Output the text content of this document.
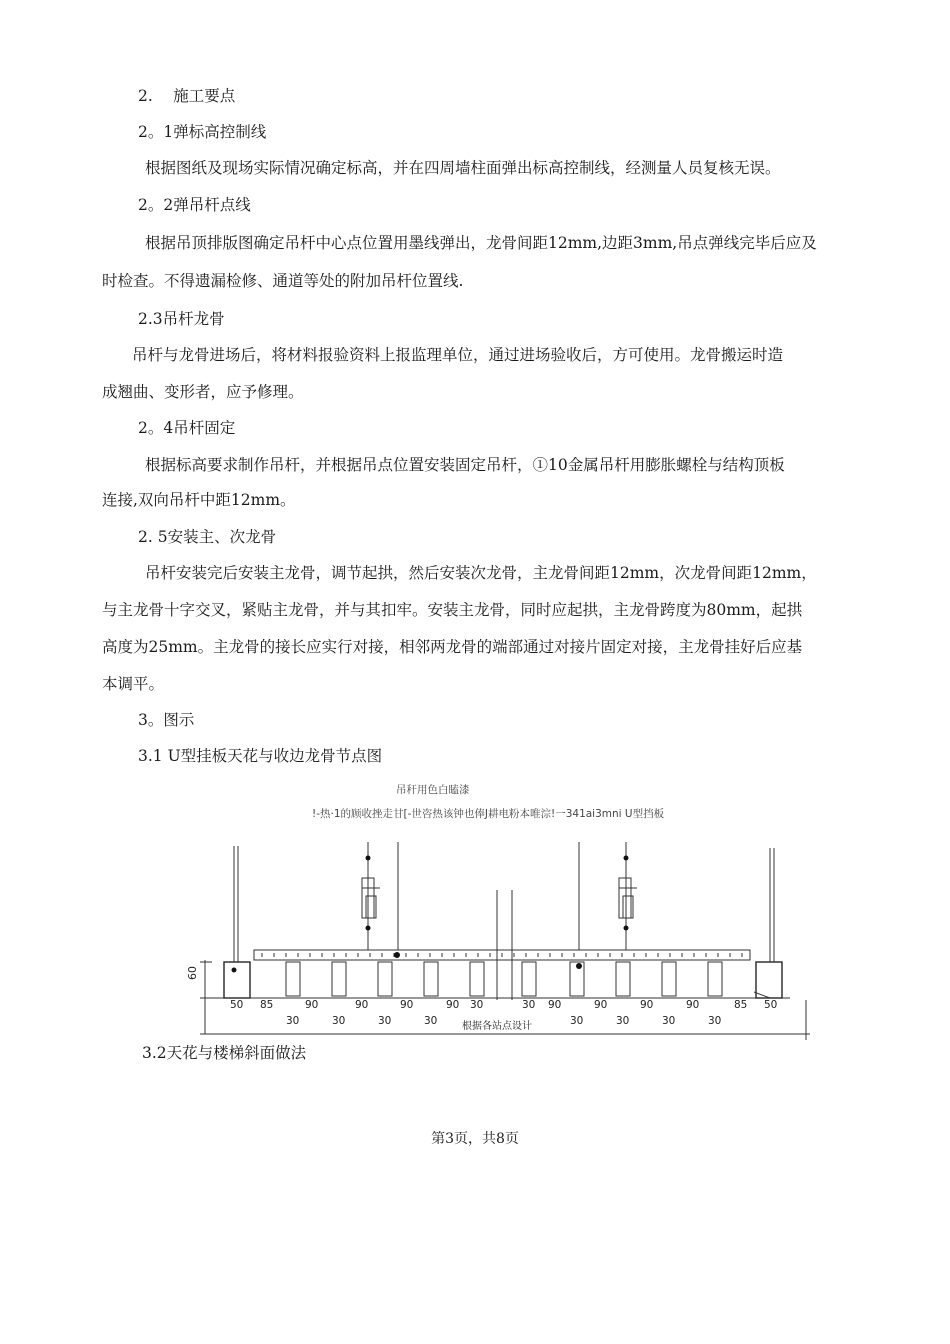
2.　 施工要点
2。1弹标高控制线
根据图纸及现场实际情况确定标高，并在四周墙柱面弹出标高控制线，经测量人员复核无误。
2。2弹吊杆点线
根据吊顶排版图确定吊杆中心点位置用墨线弹出，龙骨间距12mm,边距3mm,吊点弹线完毕后应及
时检查。不得遗漏检修、通道等处的附加吊杆位置线.
2.3吊杆龙骨
吊杆与龙骨进场后，将材料报验资料上报监理单位，通过进场验收后，方可使用。龙骨搬运时造
成翘曲、变形者，应予修理。
2。4吊杆固定
根据标高要求制作吊杆，并根据吊点位置安装固定吊杆，①10金属吊杆用膨胀螺栓与结构顶板
连接,双向吊杆中距12mm。
2. 5安装主、次龙骨
吊杆安装完后安装主龙骨，调节起拱，然后安装次龙骨，主龙骨间距12mm，次龙骨间距12mm，
与主龙骨十字交叉，紧贴主龙骨，并与其扣牢。安装主龙骨，同时应起拱，主龙骨跨度为80mm，起拱
高度为25mm。主龙骨的接长应实行对接，相邻两龙骨的端部通过对接片固定对接，主龙骨挂好后应基
本调平。
3。图示
3.1 U型挂板天花与收边龙骨节点图
吊秆用色白瞌漆
!-热·1的顾收挫走甘[-世咨热该钟也俸J耕电粉本唯淙!一341ai3mni U型挡板
60
50 85	90	90	90	90 30	30 90	90	90	90	85 50
30	30	30	30	30	30	30	30
根据各站点设计
3.2天花与楼梯斜面做法
第3页，共8页
